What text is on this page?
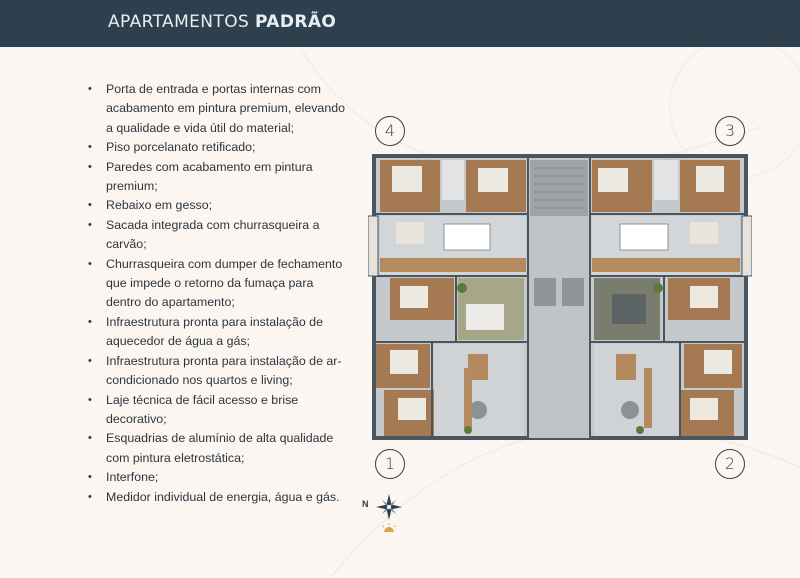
APARTAMENTOS PADRÃO
• Porta de entrada e portas internas com acabamento em pintura premium, elevando a qualidade e vida útil do material;
• Piso porcelanato retificado;
• Paredes com acabamento em pintura premium;
• Rebaixo em gesso;
• Sacada integrada com churrasqueira a carvão;
• Churrasqueira com dumper de fechamento que impede o retorno da fumaça para dentro do apartamento;
• Infraestrutura pronta para instalação de aquecedor de água a gás;
• Infraestrutura pronta para instalação de ar-condicionado nos quartos e living;
• Laje técnica de fácil acesso e brise decorativo;
• Esquadrias de alumínio de alta qualidade com pintura eletrostática;
• Interfone;
• Medidor individual de energia, água e gás.
4	3
1	2
N
